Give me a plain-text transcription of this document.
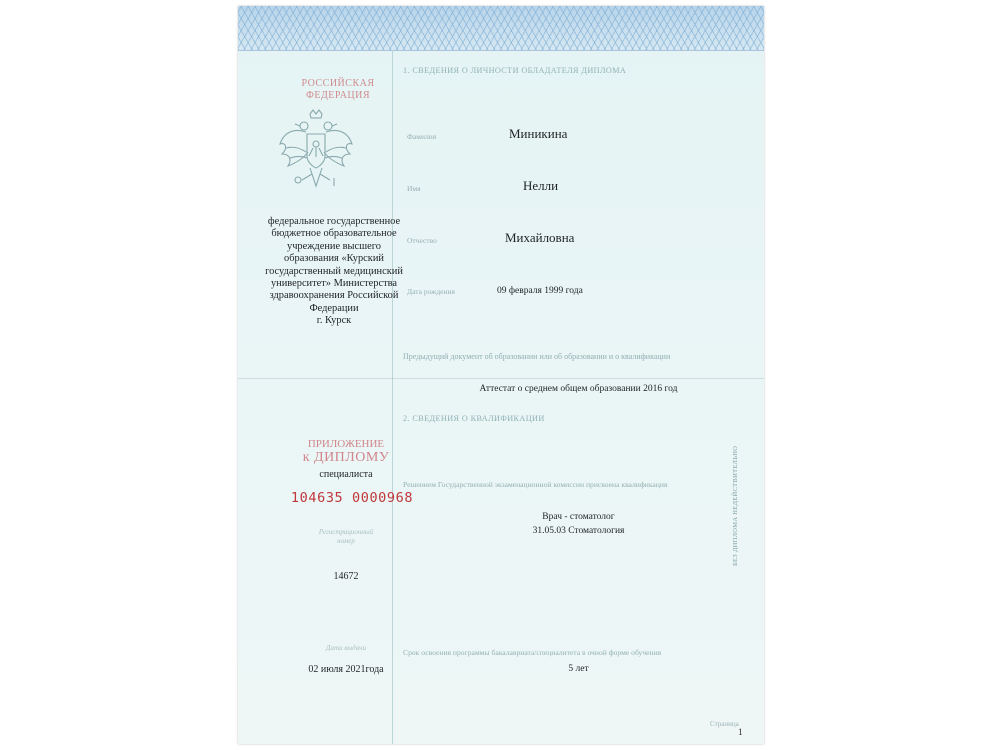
РОССИЙСКАЯ
ФЕДЕРАЦИЯ
федеральное государственное
бюджетное образовательное
учреждение высшего
образования «Курский
государственный медицинский
университет» Министерства
здравоохранения Российской
Федерации
г. Курск
ПРИЛОЖЕНИЕ
к ДИПЛОМУ
специалиста
104635 0000968
Регистрационный
номер
14672
Дата выдачи
02 июля 2021года
1. СВЕДЕНИЯ О ЛИЧНОСТИ ОБЛАДАТЕЛЯ ДИПЛОМА
Фамилия	Миникина
Имя	Нелли
Отчество	Михайловна
Дата рождения	09 февраля 1999 года
Предыдущий документ об образовании или об образовании и о квалификации
Аттестат о среднем общем образовании 2016 год
2. СВЕДЕНИЯ О КВАЛИФИКАЦИИ
Решением Государственной экзаменационной комиссии присвоена квалификация
Врач - стоматолог
31.05.03 Стоматология
Срок освоения программы бакалавриата/специалитета в очной форме обучения
5 лет
БЕЗ ДИПЛОМА НЕДЕЙСТВИТЕЛЬНО
Страница
1
